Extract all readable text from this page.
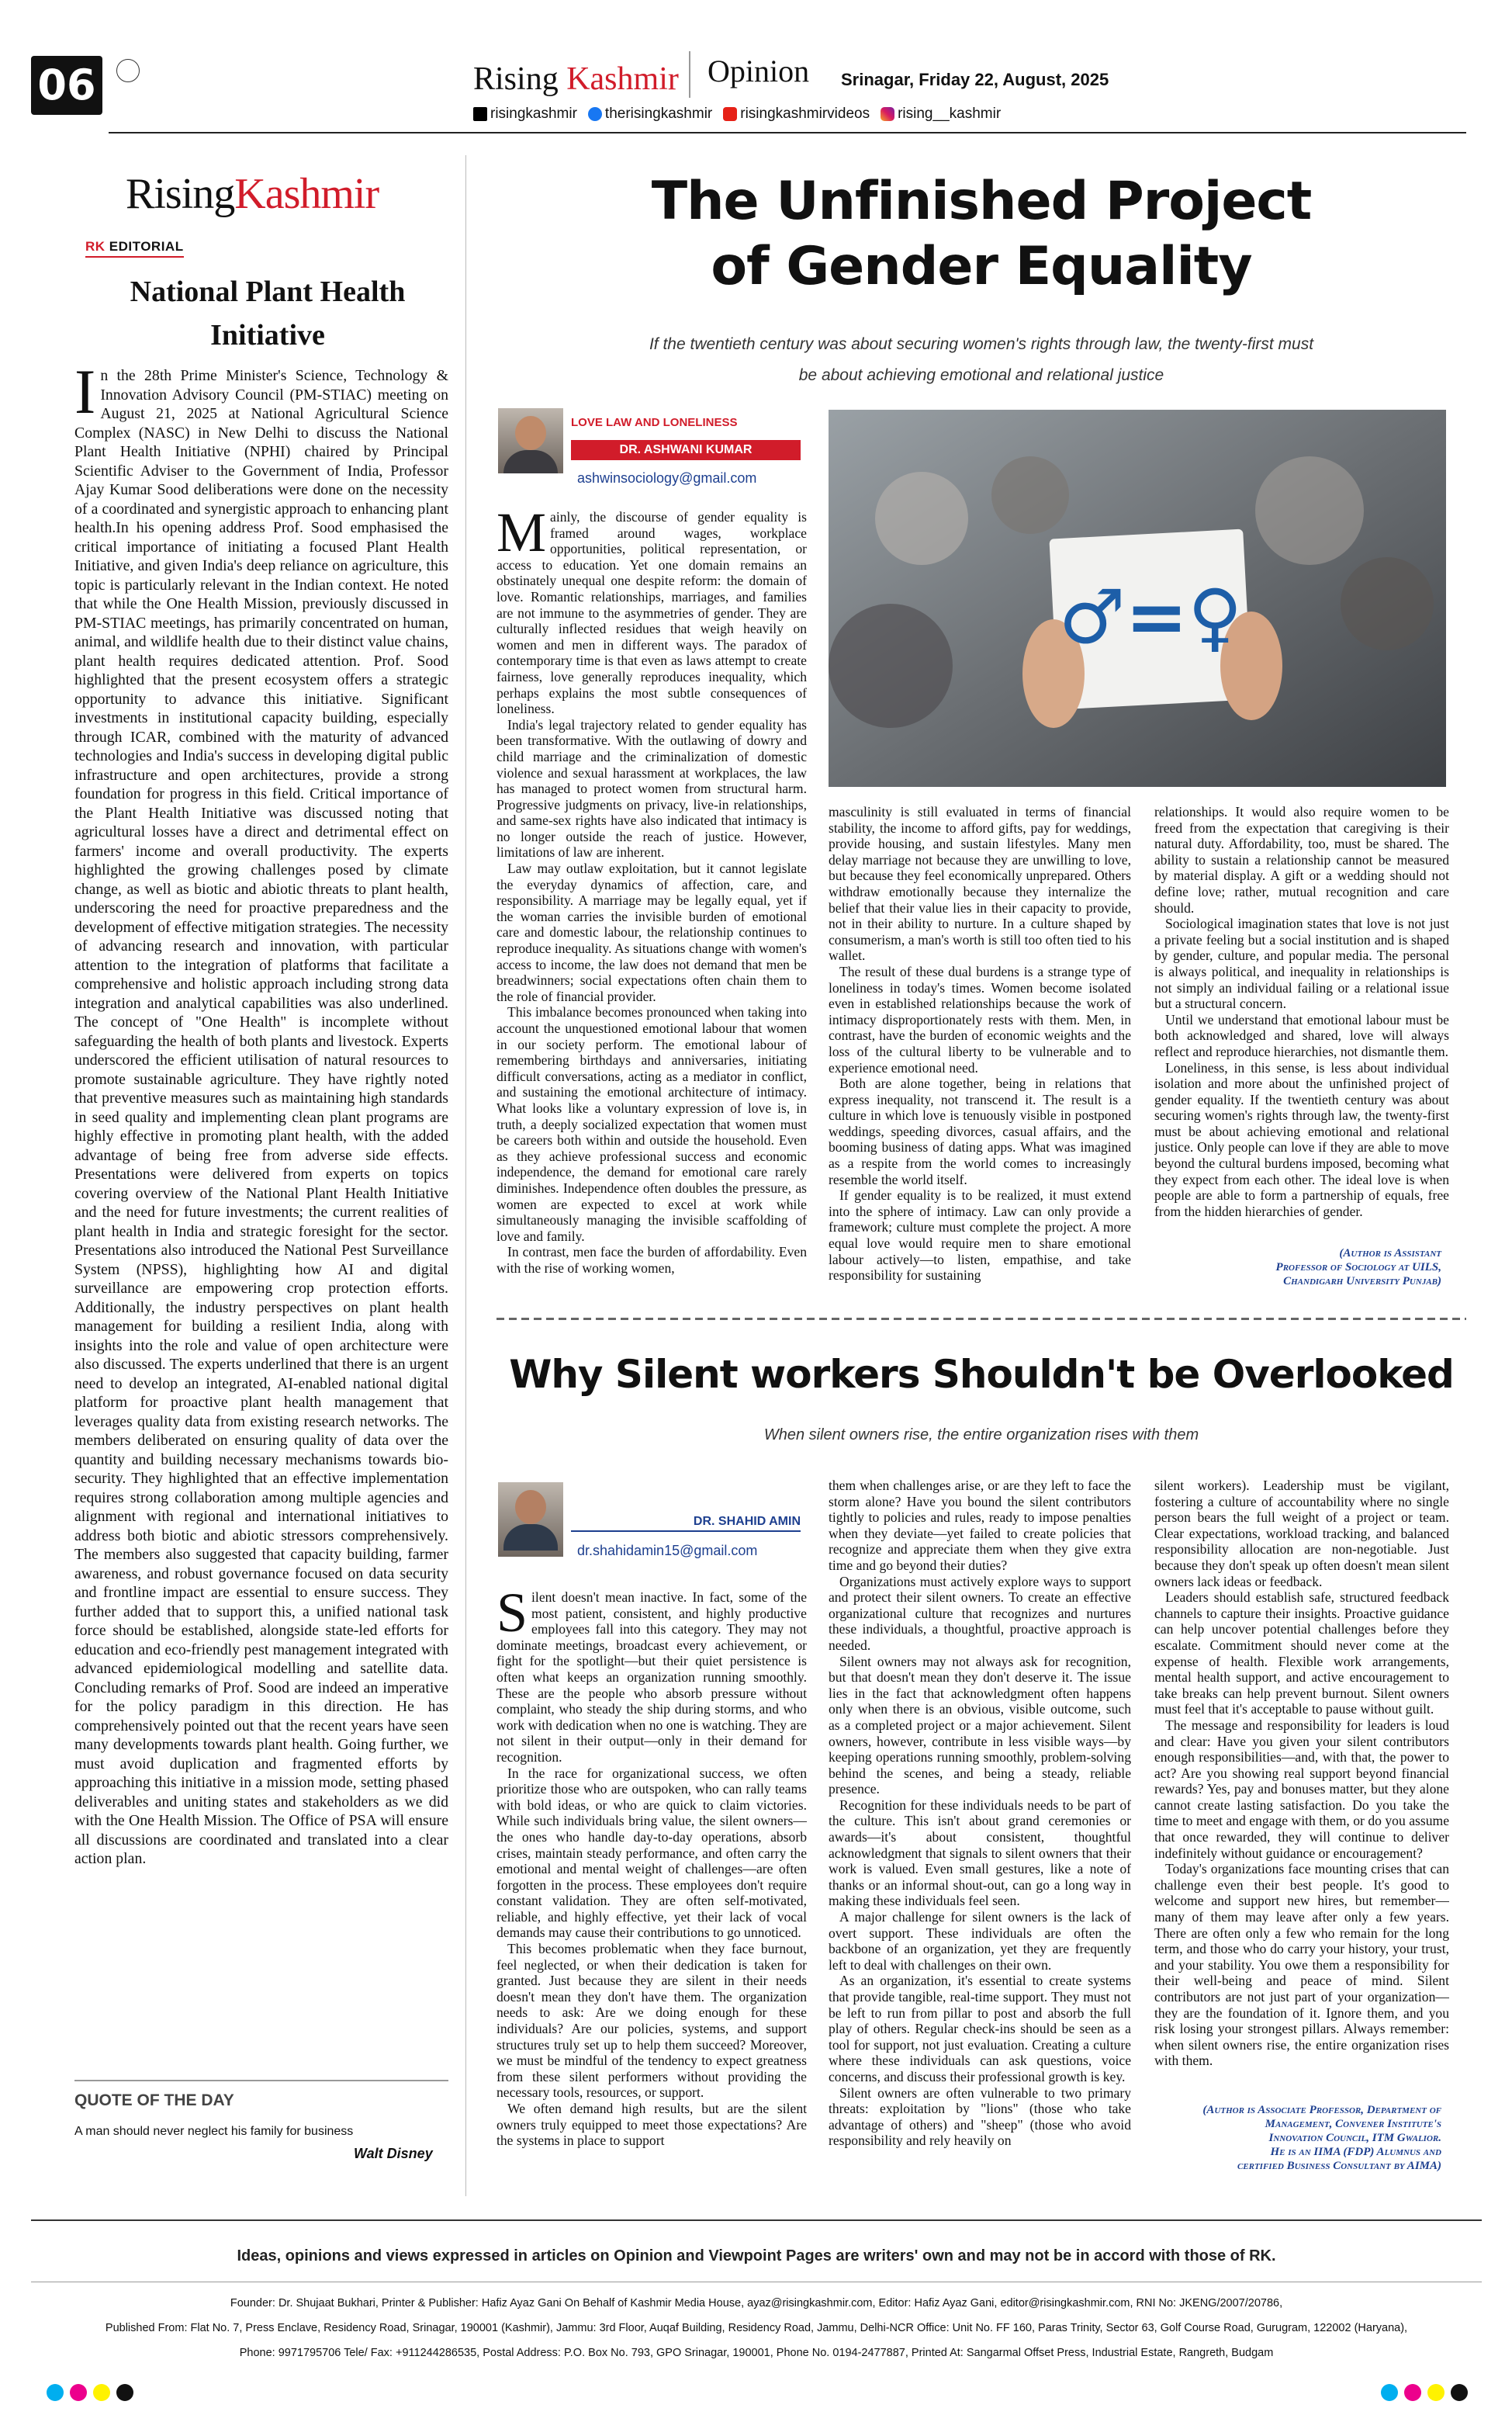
06	Rising Kashmir Opinion Srinagar, Friday 22, August, 2025
risingkashmir	therisingkashmir	risingkashmirvideos	rising__kashmir
RisingKashmir
RK EDITORIAL
National Plant Health Initiative
In the 28th Prime Minister's Science, Technology & Innovation Advisory Council (PM-STIAC) meeting on August 21, 2025 at National Agricultural Science Complex (NASC) in New Delhi to discuss the National Plant Health Initiative (NPHI) chaired by Principal Scientific Adviser to the Government of India, Professor Ajay Kumar Sood deliberations were done on the necessity of a coordinated and synergistic approach to enhancing plant health.In his opening address Prof. Sood emphasised the critical importance of initiating a focused Plant Health Initiative, and given India's deep reliance on agriculture, this topic is particularly relevant in the Indian context. He noted that while the One Health Mission, previously discussed in PM-STIAC meetings, has primarily concentrated on human, animal, and wildlife health due to their distinct value chains, plant health requires dedicated attention. Prof. Sood highlighted that the present ecosystem offers a strategic opportunity to advance this initiative. Significant investments in institutional capacity building, especially through ICAR, combined with the maturity of advanced technologies and India's success in developing digital public infrastructure and open architectures, provide a strong foundation for progress in this field. Critical importance of the Plant Health Initiative was discussed noting that agricultural losses have a direct and detrimental effect on farmers' income and overall productivity. The experts highlighted the growing challenges posed by climate change, as well as biotic and abiotic threats to plant health, underscoring the need for proactive preparedness and the development of effective mitigation strategies. The necessity of advancing research and innovation, with particular attention to the integration of platforms that facilitate a comprehensive and holistic approach including strong data integration and analytical capabilities was also underlined. The concept of "One Health" is incomplete without safeguarding the health of both plants and livestock. Experts underscored the efficient utilisation of natural resources to promote sustainable agriculture. They have rightly noted that preventive measures such as maintaining high standards in seed quality and implementing clean plant programs are highly effective in promoting plant health, with the added advantage of being free from adverse side effects. Presentations were delivered from experts on topics covering overview of the National Plant Health Initiative and the need for future investments; the current realities of plant health in India and strategic foresight for the sector. Presentations also introduced the National Pest Surveillance System (NPSS), highlighting how AI and digital surveillance are empowering crop protection efforts. Additionally, the industry perspectives on plant health management for building a resilient India, along with insights into the role and value of open architecture were also discussed. The experts underlined that there is an urgent need to develop an integrated, AI-enabled national digital platform for proactive plant health management that leverages quality data from existing research networks. The members deliberated on ensuring quality of data over the quantity and building necessary mechanisms towards bio-security. They highlighted that an effective implementation requires strong collaboration among multiple agencies and alignment with regional and international initiatives to address both biotic and abiotic stressors comprehensively. The members also suggested that capacity building, farmer awareness, and robust governance focused on data security and frontline impact are essential to ensure success. They further added that to support this, a unified national task force should be established, alongside state-led efforts for education and eco-friendly pest management integrated with advanced epidemiological modelling and satellite data. Concluding remarks of Prof. Sood are indeed an imperative for the policy paradigm in this direction. He has comprehensively pointed out that the recent years have seen many developments towards plant health. Going further, we must avoid duplication and fragmented efforts by approaching this initiative in a mission mode, setting phased deliverables and uniting states and stakeholders as we did with the One Health Mission. The Office of PSA will ensure all discussions are coordinated and translated into a clear action plan.
QUOTE OF THE DAY
A man should never neglect his family for business
Walt Disney
The Unfinished Project
of Gender Equality
If the twentieth century was about securing women's rights through law, the twenty-first must
be about achieving emotional and relational justice
LOVE LAW AND LONELINESS
DR. ASHWANI KUMAR
ashwinsociology@gmail.com
♂=♀
Mainly, the discourse of gender equality is framed around wages, workplace opportunities, political representation, or access to education. Yet one domain remains an obstinately unequal one despite reform: the domain of love. Romantic relationships, marriages, and families are not immune to the asymmetries of gender. They are culturally inflected residues that weigh heavily on women and men in different ways. The paradox of contemporary time is that even as laws attempt to create fairness, love generally reproduces inequality, which perhaps explains the most subtle consequences of loneliness.

India's legal trajectory related to gender equality has been transformative. With the outlawing of dowry and child marriage and the criminalization of domestic violence and sexual harassment at workplaces, the law has managed to protect women from structural harm. Progressive judgments on privacy, live-in relationships, and same-sex rights have also indicated that intimacy is no longer outside the reach of justice. However, limitations of law are inherent.

Law may outlaw exploitation, but it cannot legislate the everyday dynamics of affection, care, and responsibility. A marriage may be legally equal, yet if the woman carries the invisible burden of emotional care and domestic labour, the relationship continues to reproduce inequality. As situations change with women's access to income, the law does not demand that men be breadwinners; social expectations often chain them to the role of financial provider.

This imbalance becomes pronounced when taking into account the unquestioned emotional labour that women in our society perform. The emotional labour of remembering birthdays and anniversaries, initiating difficult conversations, acting as a mediator in conflict, and sustaining the emotional architecture of intimacy. What looks like a voluntary expression of love is, in truth, a deeply socialized expectation that women must be careers both within and outside the household. Even as they achieve professional success and economic independence, the demand for emotional care rarely diminishes. Independence often doubles the pressure, as women are expected to excel at work while simultaneously managing the invisible scaffolding of love and family.

In contrast, men face the burden of affordability. Even with the rise of working women,

masculinity is still evaluated in terms of financial stability, the income to afford gifts, pay for weddings, provide housing, and sustain lifestyles. Many men delay marriage not because they are unwilling to love, but because they feel economically unprepared. Others withdraw emotionally because they internalize the belief that their value lies in their capacity to provide, not in their ability to nurture. In a culture shaped by consumerism, a man's worth is still too often tied to his wallet.

The result of these dual burdens is a strange type of loneliness in today's times. Women become isolated even in established relationships because the work of intimacy disproportionately rests with them. Men, in contrast, have the burden of economic weights and the loss of the cultural liberty to be vulnerable and to experience emotional need.

Both are alone together, being in relations that express inequality, not transcend it. The result is a culture in which love is tenuously visible in postponed weddings, speeding divorces, casual affairs, and the booming business of dating apps. What was imagined as a respite from the world comes to increasingly resemble the world itself.

If gender equality is to be realized, it must extend into the sphere of intimacy. Law can only provide a framework; culture must complete the project. A more equal love would require men to share emotional labour actively—to listen, empathise, and take responsibility for sustaining

relationships. It would also require women to be freed from the expectation that caregiving is their natural duty. Affordability, too, must be shared. The ability to sustain a relationship cannot be measured by material display. A gift or a wedding should not define love; rather, mutual recognition and care should.

Sociological imagination states that love is not just a private feeling but a social institution and is shaped by gender, culture, and popular media. The personal is always political, and inequality in relationships is not simply an individual failing or a relational issue but a structural concern.

Until we understand that emotional labour must be both acknowledged and shared, love will always reflect and reproduce hierarchies, not dismantle them.

Loneliness, in this sense, is less about individual isolation and more about the unfinished project of gender equality. If the twentieth century was about securing women's rights through law, the twenty-first must be about achieving emotional and relational justice. Only people can love if they are able to move beyond the cultural burdens imposed, becoming what they expect from each other. The ideal love is when people are able to form a partnership of equals, free from the hidden hierarchies of gender.

(Author is Assistant
Professor of Sociology at UILS,
Chandigarh University Punjab)
Why Silent workers Shouldn't be Overlooked
When silent owners rise, the entire organization rises with them
DR. SHAHID AMIN
dr.shahidamin15@gmail.com
Silent doesn't mean inactive. In fact, some of the most patient, consistent, and highly productive employees fall into this category. They may not dominate meetings, broadcast every achievement, or fight for the spotlight—but their quiet persistence is often what keeps an organization running smoothly. These are the people who absorb pressure without complaint, who steady the ship during storms, and who work with dedication when no one is watching. They are not silent in their output—only in their demand for recognition.

In the race for organizational success, we often prioritize those who are outspoken, who can rally teams with bold ideas, or who are quick to claim victories. While such individuals bring value, the silent owners—the ones who handle day-to-day operations, absorb crises, maintain steady performance, and often carry the emotional and mental weight of challenges—are often forgotten in the process. These employees don't require constant validation. They are often self-motivated, reliable, and highly effective, yet their lack of vocal demands may cause their contributions to go unnoticed.

This becomes problematic when they face burnout, feel neglected, or when their dedication is taken for granted. Just because they are silent in their needs doesn't mean they don't have them. The organization needs to ask: Are we doing enough for these individuals? Are our policies, systems, and support structures truly set up to help them succeed? Moreover, we must be mindful of the tendency to expect greatness from these silent performers without providing the necessary tools, resources, or support.

We often demand high results, but are the silent owners truly equipped to meet those expectations? Are the systems in place to support

them when challenges arise, or are they left to face the storm alone? Have you bound the silent contributors tightly to policies and rules, ready to impose penalties when they deviate—yet failed to create policies that recognize and appreciate them when they give extra time and go beyond their duties?

Organizations must actively explore ways to support and protect their silent owners. To create an effective organizational culture that recognizes and nurtures these individuals, a thoughtful, proactive approach is needed.

Silent owners may not always ask for recognition, but that doesn't mean they don't deserve it. The issue lies in the fact that acknowledgment often happens only when there is an obvious, visible outcome, such as a completed project or a major achievement. Silent owners, however, contribute in less visible ways—by keeping operations running smoothly, problem-solving behind the scenes, and being a steady, reliable presence.

Recognition for these individuals needs to be part of the culture. This isn't about grand ceremonies or awards—it's about consistent, thoughtful acknowledgment that signals to silent owners that their work is valued. Even small gestures, like a note of thanks or an informal shout-out, can go a long way in making these individuals feel seen.

A major challenge for silent owners is the lack of overt support. These individuals are often the backbone of an organization, yet they are frequently left to deal with challenges on their own.

As an organization, it's essential to create systems that provide tangible, real-time support. They must not be left to run from pillar to post and absorb the full play of others. Regular check-ins should be seen as a tool for support, not just evaluation. Creating a culture where these individuals can ask questions, voice concerns, and discuss their professional growth is key.

Silent owners are often vulnerable to two primary threats: exploitation by "lions" (those who take advantage of others) and "sheep" (those who avoid responsibility and rely heavily on

silent workers). Leadership must be vigilant, fostering a culture of accountability where no single person bears the full weight of a project or team. Clear expectations, workload tracking, and balanced responsibility allocation are non-negotiable. Just because they don't speak up often doesn't mean silent owners lack ideas or feedback.

Leaders should establish safe, structured feedback channels to capture their insights. Proactive guidance can help uncover potential challenges before they escalate. Commitment should never come at the expense of health. Flexible work arrangements, mental health support, and active encouragement to take breaks can help prevent burnout. Silent owners must feel that it's acceptable to pause without guilt.

The message and responsibility for leaders is loud and clear: Have you given your silent contributors enough responsibilities—and, with that, the power to act? Are you showing real support beyond financial rewards? Yes, pay and bonuses matter, but they alone cannot create lasting satisfaction. Do you take the time to meet and engage with them, or do you assume that once rewarded, they will continue to deliver indefinitely without guidance or encouragement?

Today's organizations face mounting crises that can challenge even their best people. It's good to welcome and support new hires, but remember—many of them may leave after only a few years. There are often only a few who remain for the long term, and those who do carry your history, your trust, and your stability. You owe them a responsibility for their well-being and peace of mind. Silent contributors are not just part of your organization—they are the foundation of it. Ignore them, and you risk losing your strongest pillars. Always remember: when silent owners rise, the entire organization rises with them.

(Author is Associate Professor, Department of Management, Convener Institute's
Innovation Council, ITM Gwalior.
He is an IIMA (FDP) Alumnus and
certified Business Consultant by AIMA)
Ideas, opinions and views expressed in articles on Opinion and Viewpoint Pages are writers' own and may not be in accord with those of RK.
Founder: Dr. Shujaat Bukhari, Printer & Publisher: Hafiz Ayaz Gani On Behalf of Kashmir Media House, ayaz@risingkashmir.com, Editor: Hafiz Ayaz Gani, editor@risingkashmir.com, RNI No: JKENG/2007/20786,
Published From: Flat No. 7, Press Enclave, Residency Road, Srinagar, 190001 (Kashmir), Jammu: 3rd Floor, Auqaf Building, Residency Road, Jammu, Delhi-NCR Office: Unit No. FF 160, Paras Trinity, Sector 63, Golf Course Road, Gurugram, 122002 (Haryana),
Phone: 9971795706 Tele/ Fax: +911244286535, Postal Address: P.O. Box No. 793, GPO Srinagar, 190001, Phone No. 0194-2477887, Printed At: Sangarmal Offset Press, Industrial Estate, Rangreth, Budgam
